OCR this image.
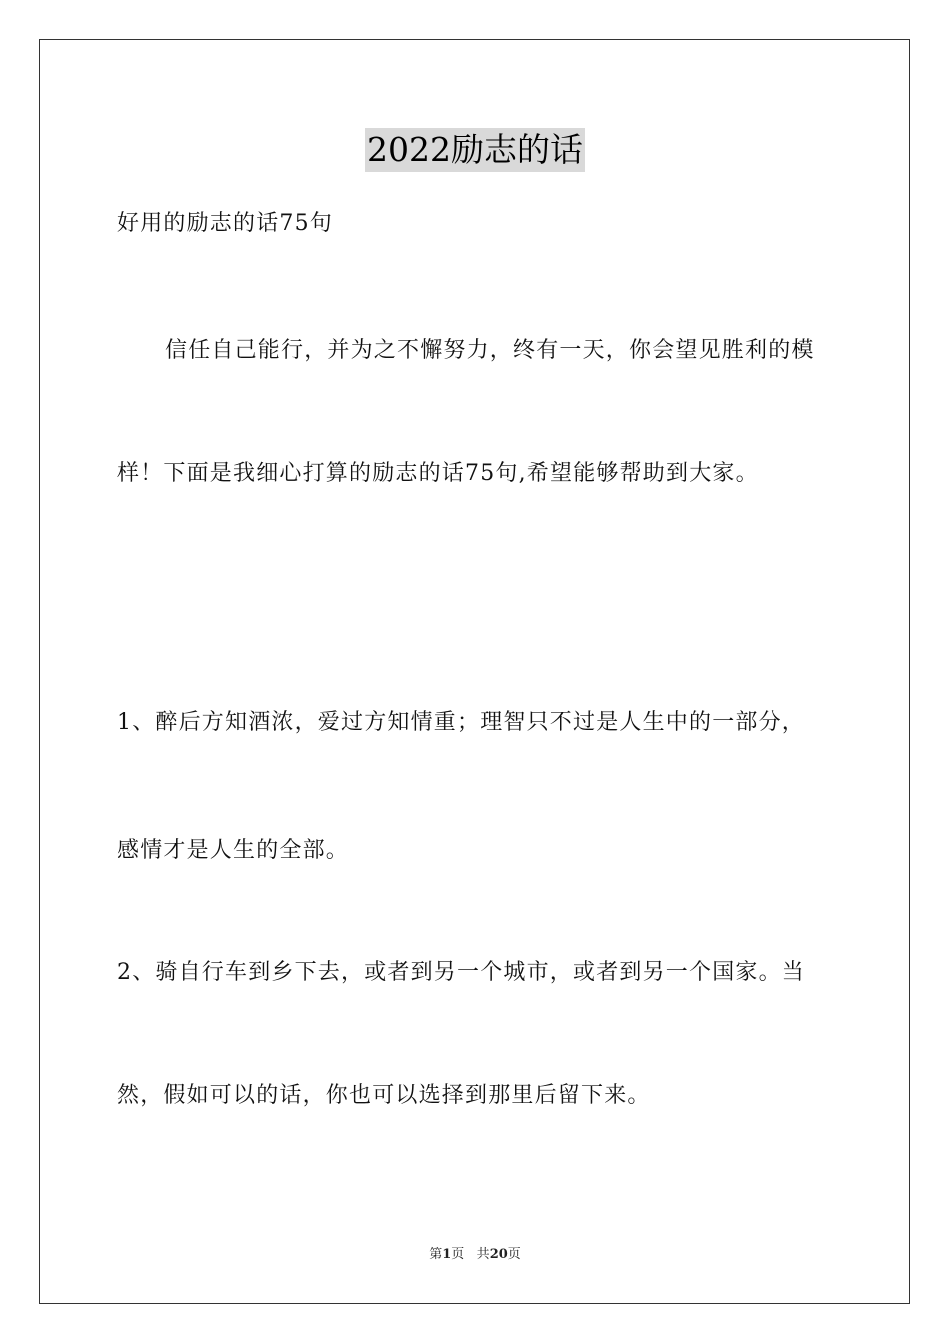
2022励志的话
好用的励志的话75句
信任自己能行，并为之不懈努力，终有一天，你会望见胜利的模
样！下面是我细心打算的励志的话75句,希望能够帮助到大家。
1、醉后方知酒浓，爱过方知情重；理智只不过是人生中的一部分，
感情才是人生的全部。
2、骑自行车到乡下去，或者到另一个城市，或者到另一个国家。当
然，假如可以的话，你也可以选择到那里后留下来。
第1页 共20页
